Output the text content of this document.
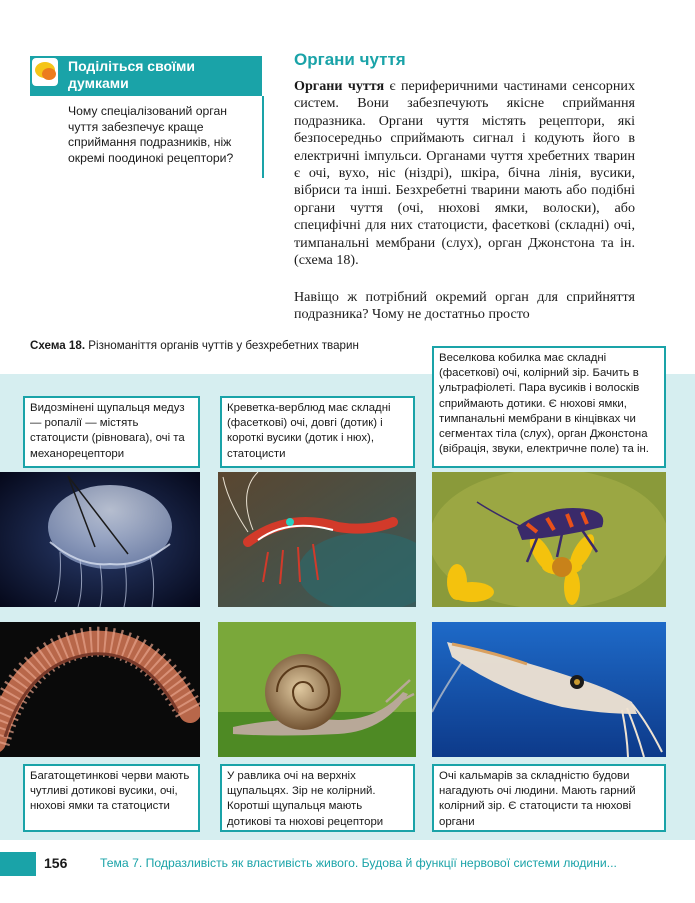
Поділіться своїми думками
Чому спеціалізований орган чуття забезпечує краще сприймання подразників, ніж окремі поодинокі рецептори?
Органи чуття
Органи чуття є периферичними частинами сенсорних систем. Вони забезпечують якісне сприймання подразника. Органи чуття містять рецептори, які безпосередньо сприймають сигнал і кодують його в електричні імпульси. Органами чуття хребетних тварин є очі, вухо, ніс (ніздрі), шкіра, бічна лінія, вусики, вібриси та інші. Безхребетні тварини мають або подібні органи чуття (очі, нюхові ямки, волоски), або специфічні для них статоцисти, фасеткові (складні) очі, тимпанальні мембрани (слух), орган Джонстона та ін. (схема 18).
Навіщо ж потрібний окремий орган для сприйняття подразника? Чому не достатньо просто
Схема 18. Різноманіття органів чуттів у безхребетних тварин
Видозмінені щупальця медуз — ропалії — містять статоцисти (рівновага), очі та механорецептори
Креветка-верблюд має складні (фасеткові) очі, довгі (дотик) і короткі вусики (дотик і нюх), статоцисти
Веселкова кобилка має складні (фасеткові) очі, колірний зір. Бачить в ультрафіолеті. Пара вусиків і волосків сприймають дотики. Є нюхові ямки, тимпанальні мембрани в кінцівках чи сегментах тіла (слух), орган Джонстона (вібрація, звуки, електричне поле) та ін.
Багатощетинкові черви мають чутливі дотикові вусики, очі, нюхові ямки та статоцисти
У равлика очі на верхніх щупальцях. Зір не колірний. Коротші щупальця мають дотикові та нюхові рецептори
Очі кальмарів за складністю будови нагадують очі людини. Мають гарний колірний зір. Є статоцисти та нюхові органи
156	Тема 7. Подразливість як властивість живого. Будова й функції нервової системи людини...
